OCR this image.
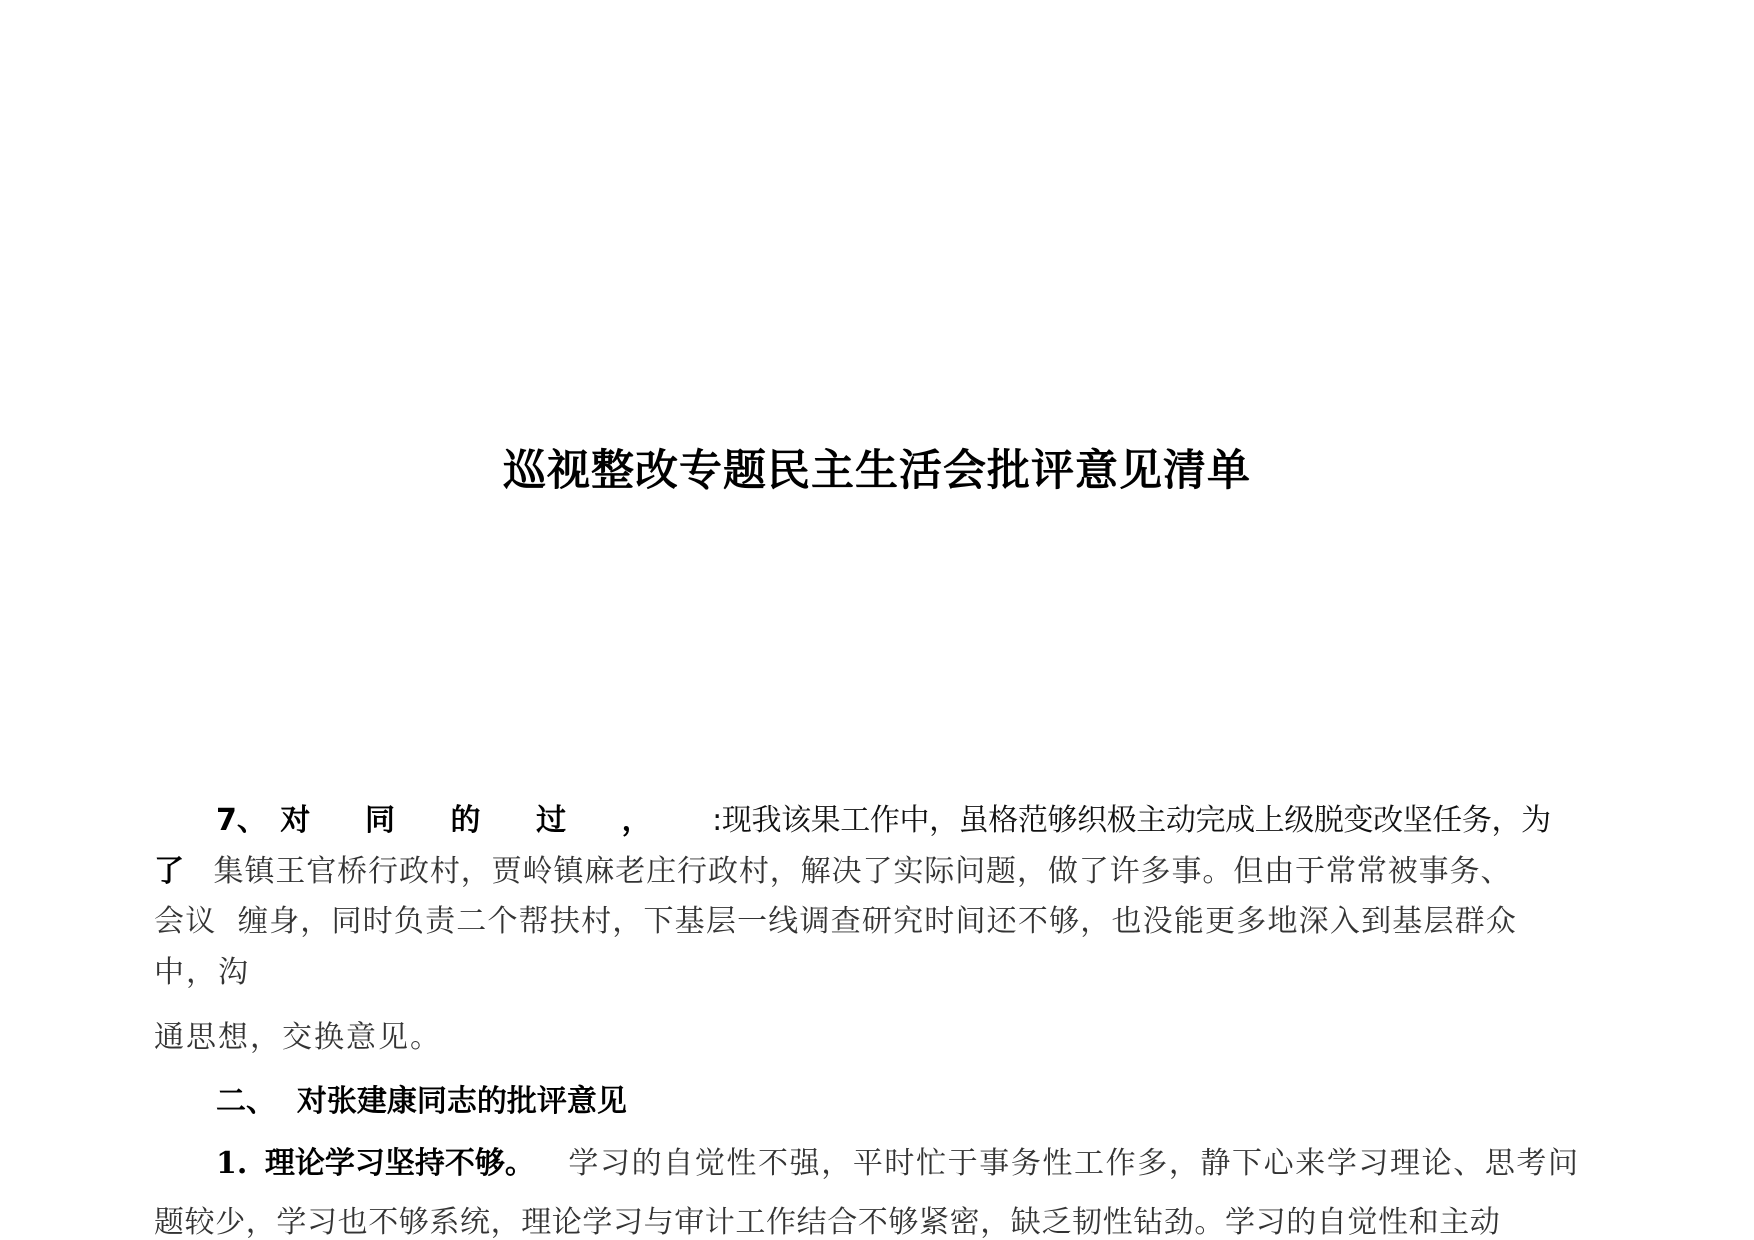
巡视整改专题民主生活会批评意见清单
7、 对 同 的 过 ， :现我该果工作中，虽格范够织极主动完成上级脱变改坚任务，为
了 集镇王官桥行政村，贾岭镇麻老庄行政村，解决了实际问题，做了许多事。但由于常常被事务、
会议  缠身，同时负责二个帮扶村，下基层一线调查研究时间还不够，也没能更多地深入到基层群众
中，沟
通思想，交换意见。
二、  对张建康同志的批评意见
1. 理论学习坚持不够。 学习的自觉性不强，平时忙于事务性工作多，静下心来学习理论、思考问
题较少，学习也不够系统，理论学习与审计工作结合不够紧密，缺乏韧性钻劲。学习的自觉性和主动
